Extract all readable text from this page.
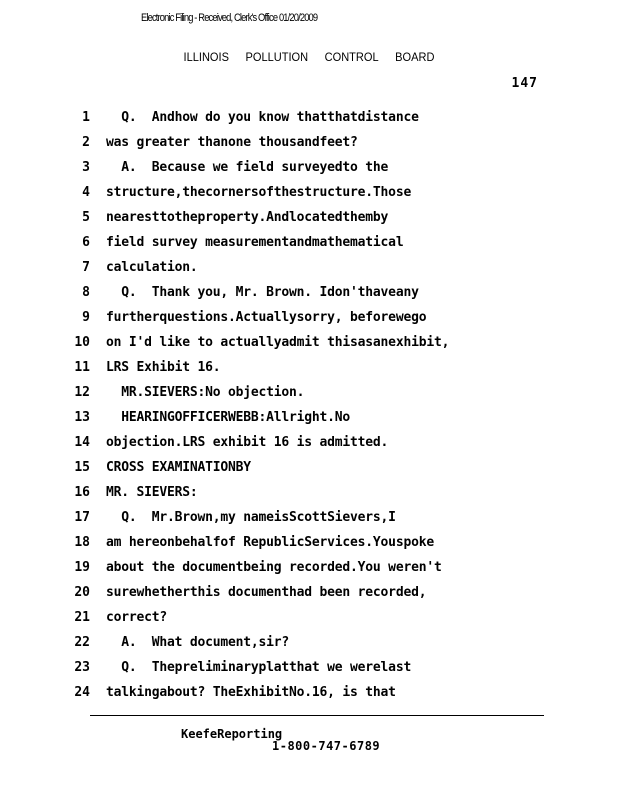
Electronic Filing - Received, Clerk's Office 01/20/2009
ILLINOIS POLLUTION CONTROL BOARD
147
1 Q.  Andhow do you know thatthatdistance
2 was greater thanone thousandfeet?
3 A.  Because we field surveyedto the
4 structure,thecornersofthestructure.Those
5 nearesttotheproperty.Andlocatedthemby
6 field survey measurementandmathematical
7 calculation.
8 Q.  Thank you, Mr. Brown. Idon'thaveany
9 furtherquestions.Actuallysorry, beforewego
10 on I'd like to actuallyadmit thisasanexhibit,
11 LRS Exhibit 16.
12 MR.SIEVERS:No objection.
13 HEARINGOFFICERWEBB:Allright.No
14 objection.LRS exhibit 16 is admitted.
15 CROSS EXAMINATIONBY
16 MR. SIEVERS:
17 Q.  Mr.Brown,my nameisScottSievers,I
18 am hereonbehalfof RepublicServices.Youspoke
19 about the documentbeing recorded.You weren't
20 surewhetherthis documenthad been recorded,
21 correct?
22 A.  What document,sir?
23 Q.  Thepreliminaryplatthat we werelast
24 talkingabout? TheExhibitNo.16, is that
KeefeReporting
1-800-747-6789
